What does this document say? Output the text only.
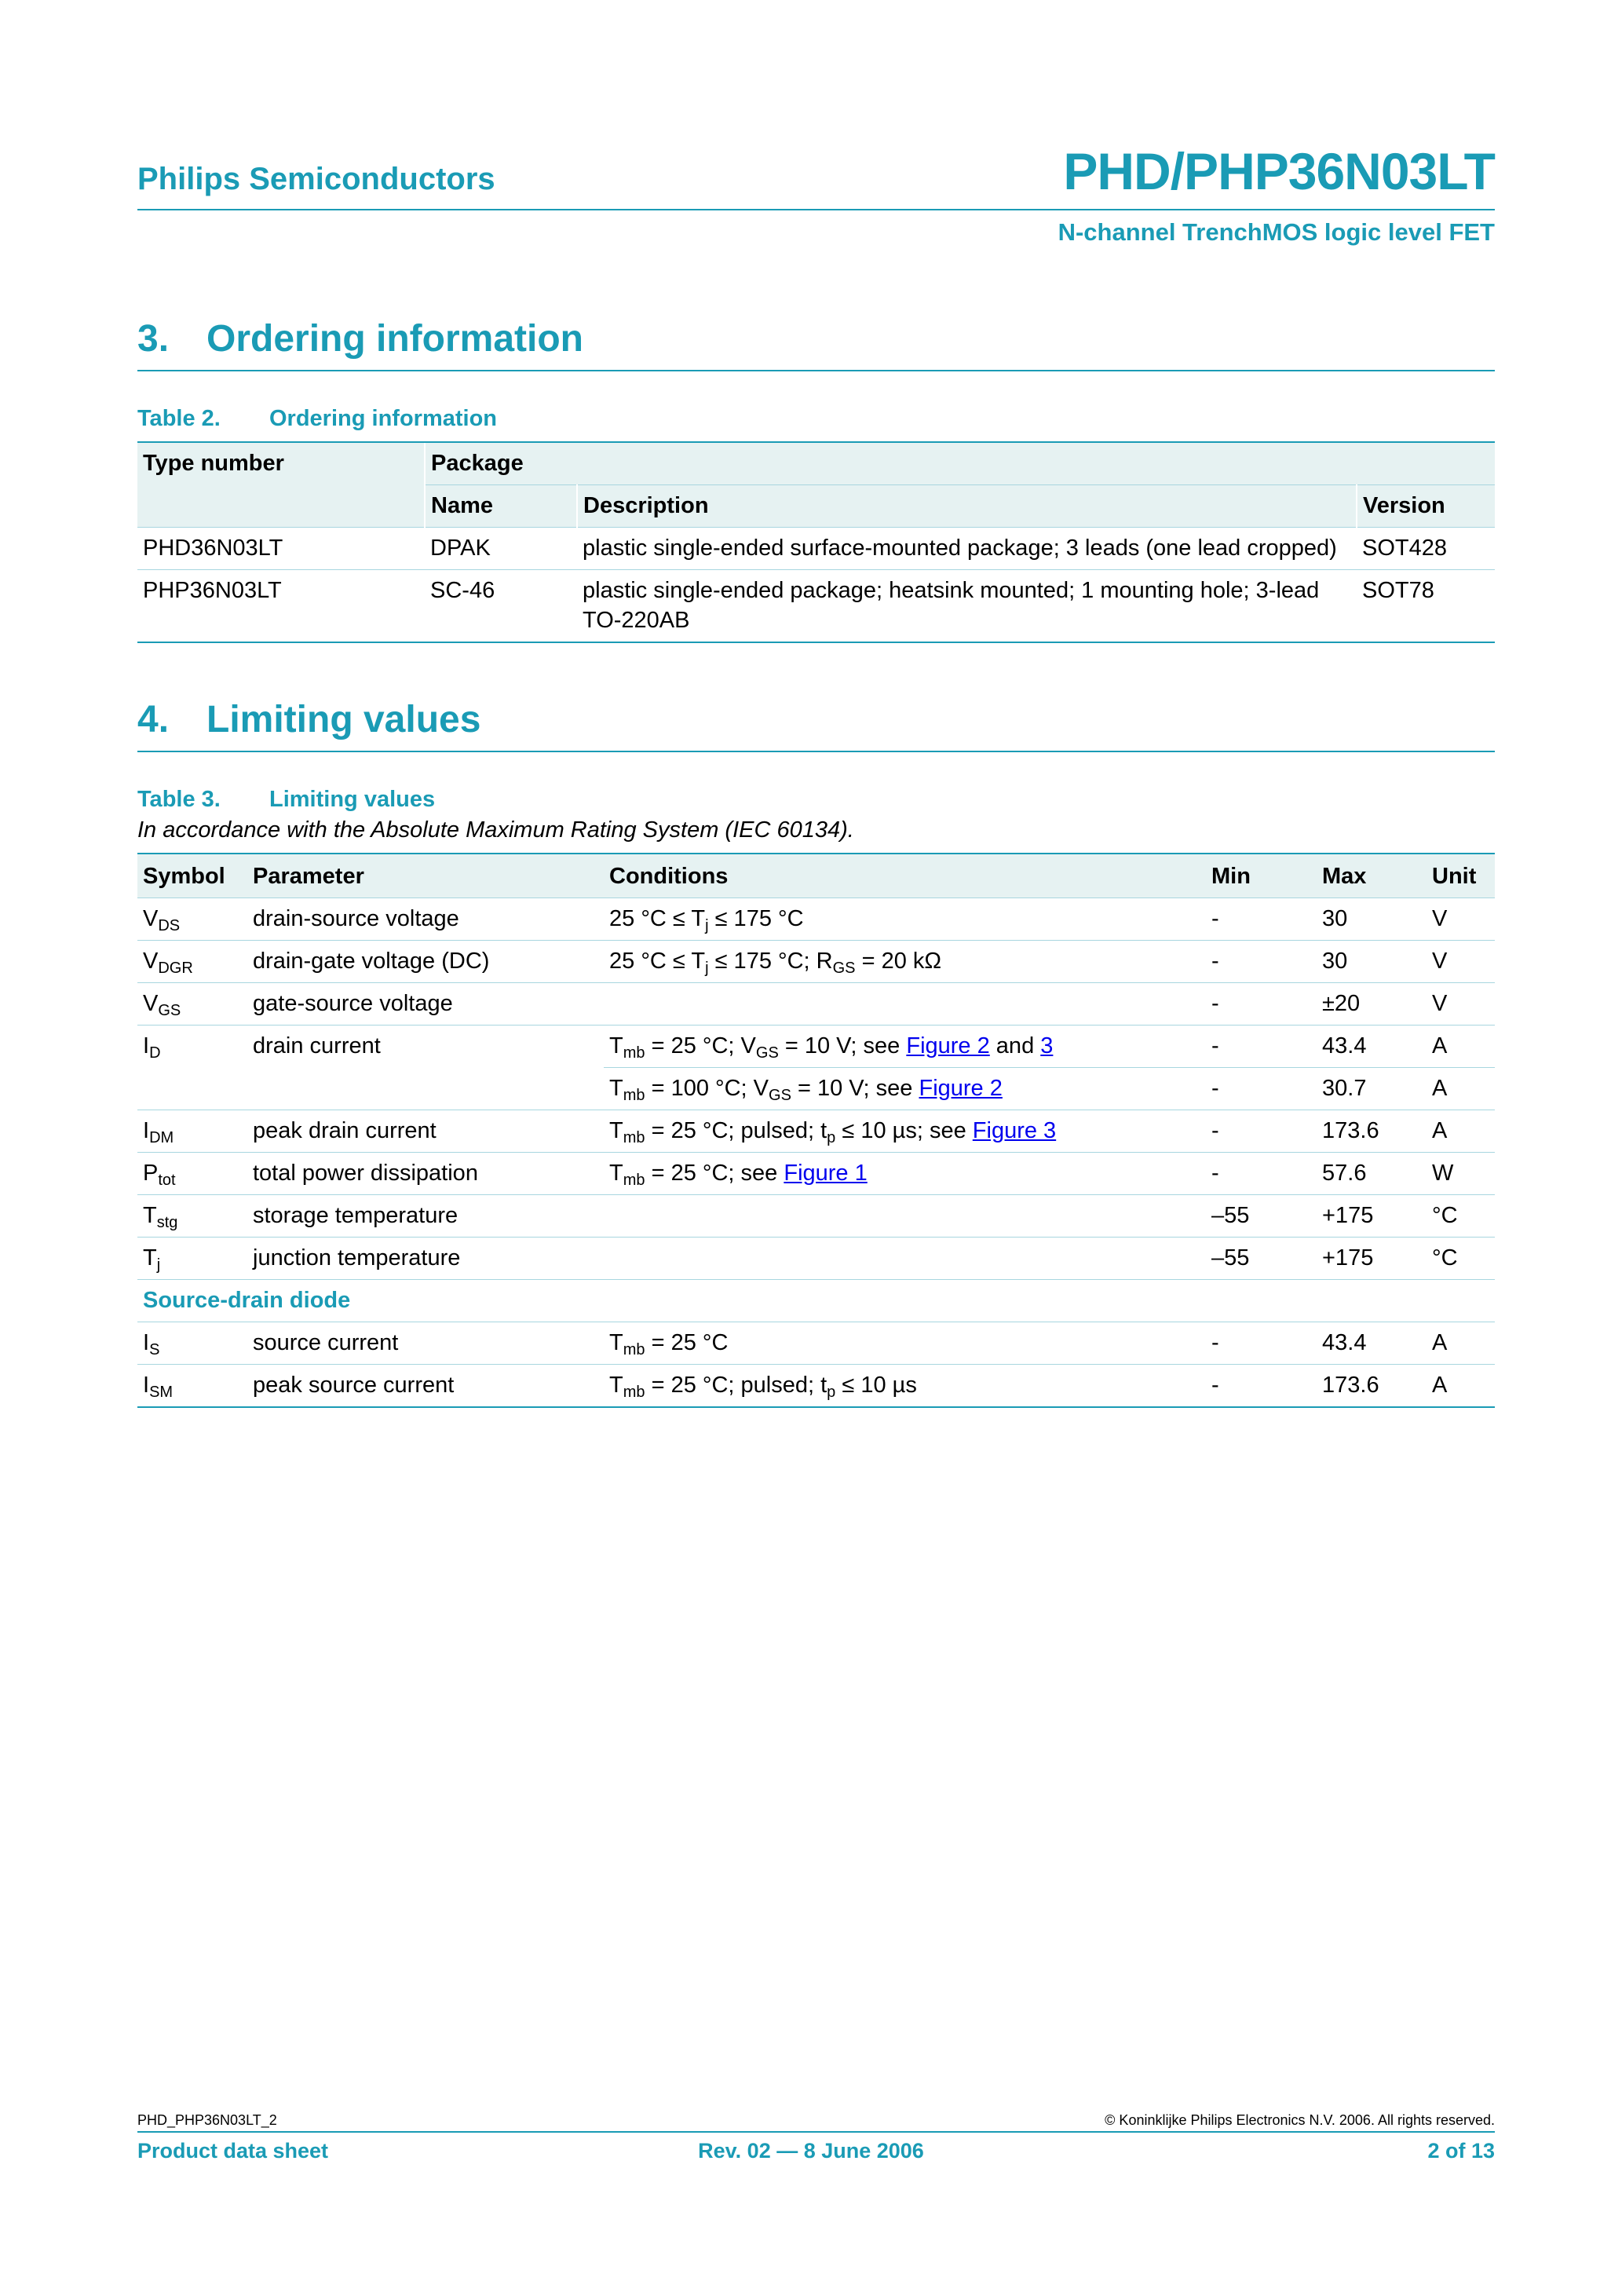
Philips Semiconductors	PHD/PHP36N03LT
N-channel TrenchMOS logic level FET
3. Ordering information
Table 2. Ordering information
Type number	Package		
	Name	Description	Version
PHD36N03LT	DPAK	plastic single-ended surface-mounted package; 3 leads (one lead cropped)	SOT428
PHP36N03LT	SC-46	plastic single-ended package; heatsink mounted; 1 mounting hole; 3-lead TO-220AB	SOT78
4. Limiting values
Table 3. Limiting values
In accordance with the Absolute Maximum Rating System (IEC 60134).
Symbol	Parameter	Conditions	Min	Max	Unit
$V_{DS}$	drain-source voltage	25 $^\circ C \le T_j \le 175$ °C	-	30	V
$V_{DGR}$	drain-gate voltage (DC)	25 $^\circ C \le T_j \le 175$ °C; $R_{GS} = 20$ kΩ	-	30	V
$V_{GS}$	gate-source voltage		-	±20	V
$I_D$	drain current	$T_{mb} = 25$ °C; $V_{GS} = 10$ V; see Figure 2 and 3	-	43.4	A
		$T_{mb} = 100$ °C; $V_{GS} = 10$ V; see Figure 2	-	30.7	A
$I_{DM}$	peak drain current	$T_{mb} = 25$ °C; pulsed; $t_p \le 10$ µs; see Figure 3	-	173.6	A
$P_{tot}$	total power dissipation	$T_{mb} = 25$ °C; see Figure 1	-	57.6	W
$T_{stg}$	storage temperature		–55	+175	°C
$T_j$	junction temperature		–55	+175	°C
Source-drain diode					
$I_S$	source current	$T_{mb} = 25$ °C	-	43.4	A
$I_{SM}$	peak source current	$T_{mb} = 25$ °C; pulsed; $t_p \le 10$ µs	-	173.6	A
PHD_PHP36N03LT_2	© Koninklijke Philips Electronics N.V. 2006. All rights reserved.
Product data sheet	Rev. 02 — 8 June 2006	2 of 13
